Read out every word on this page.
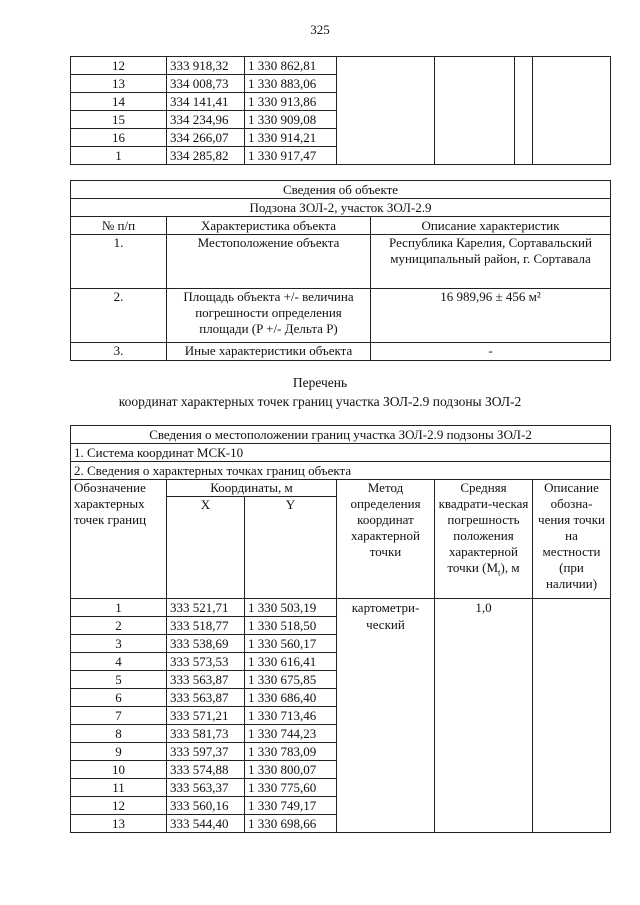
325
12	333 918,32	1 330 862,81				
13	334 008,73	1 330 883,06				
14	334 141,41	1 330 913,86				
15	334 234,96	1 330 909,08				
16	334 266,07	1 330 914,21				
1	334 285,82	1 330 917,47				
Сведения об объекте		
Подзона ЗОЛ-2, участок ЗОЛ-2.9		
№ п/п	Характеристика объекта	Описание характеристик
1.	Местоположение объекта	Республика Карелия, Сортавальский муниципальный район, г. Сортавала
2.	Площадь объекта +/- величина погрешности определения площади (P +/- Дельта P)	16 989,96 ± 456 м²
3.	Иные характеристики объекта	-
Перечень
координат характерных точек границ участка ЗОЛ-2.9 подзоны ЗОЛ-2
Сведения о местоположении границ участка ЗОЛ-2.9 подзоны ЗОЛ-2					
1. Система координат МСК-10					
2. Сведения о характерных точках границ объекта					
Обозначение характерных точек границ	Координаты, м		Метод определения координат характерной точки	Средняя квадрати-ческая погрешность положения характерной точки $(M_t)$, м	Описание обозна-чения точки на местности (при наличии)
	X	Y			
1	333 521,71	1 330 503,19	картометри-ческий	1,0	
2	333 518,77	1 330 518,50			
3	333 538,69	1 330 560,17			
4	333 573,53	1 330 616,41			
5	333 563,87	1 330 675,85			
6	333 563,87	1 330 686,40			
7	333 571,21	1 330 713,46			
8	333 581,73	1 330 744,23			
9	333 597,37	1 330 783,09			
10	333 574,88	1 330 800,07			
11	333 563,37	1 330 775,60			
12	333 560,16	1 330 749,17			
13	333 544,40	1 330 698,66			
